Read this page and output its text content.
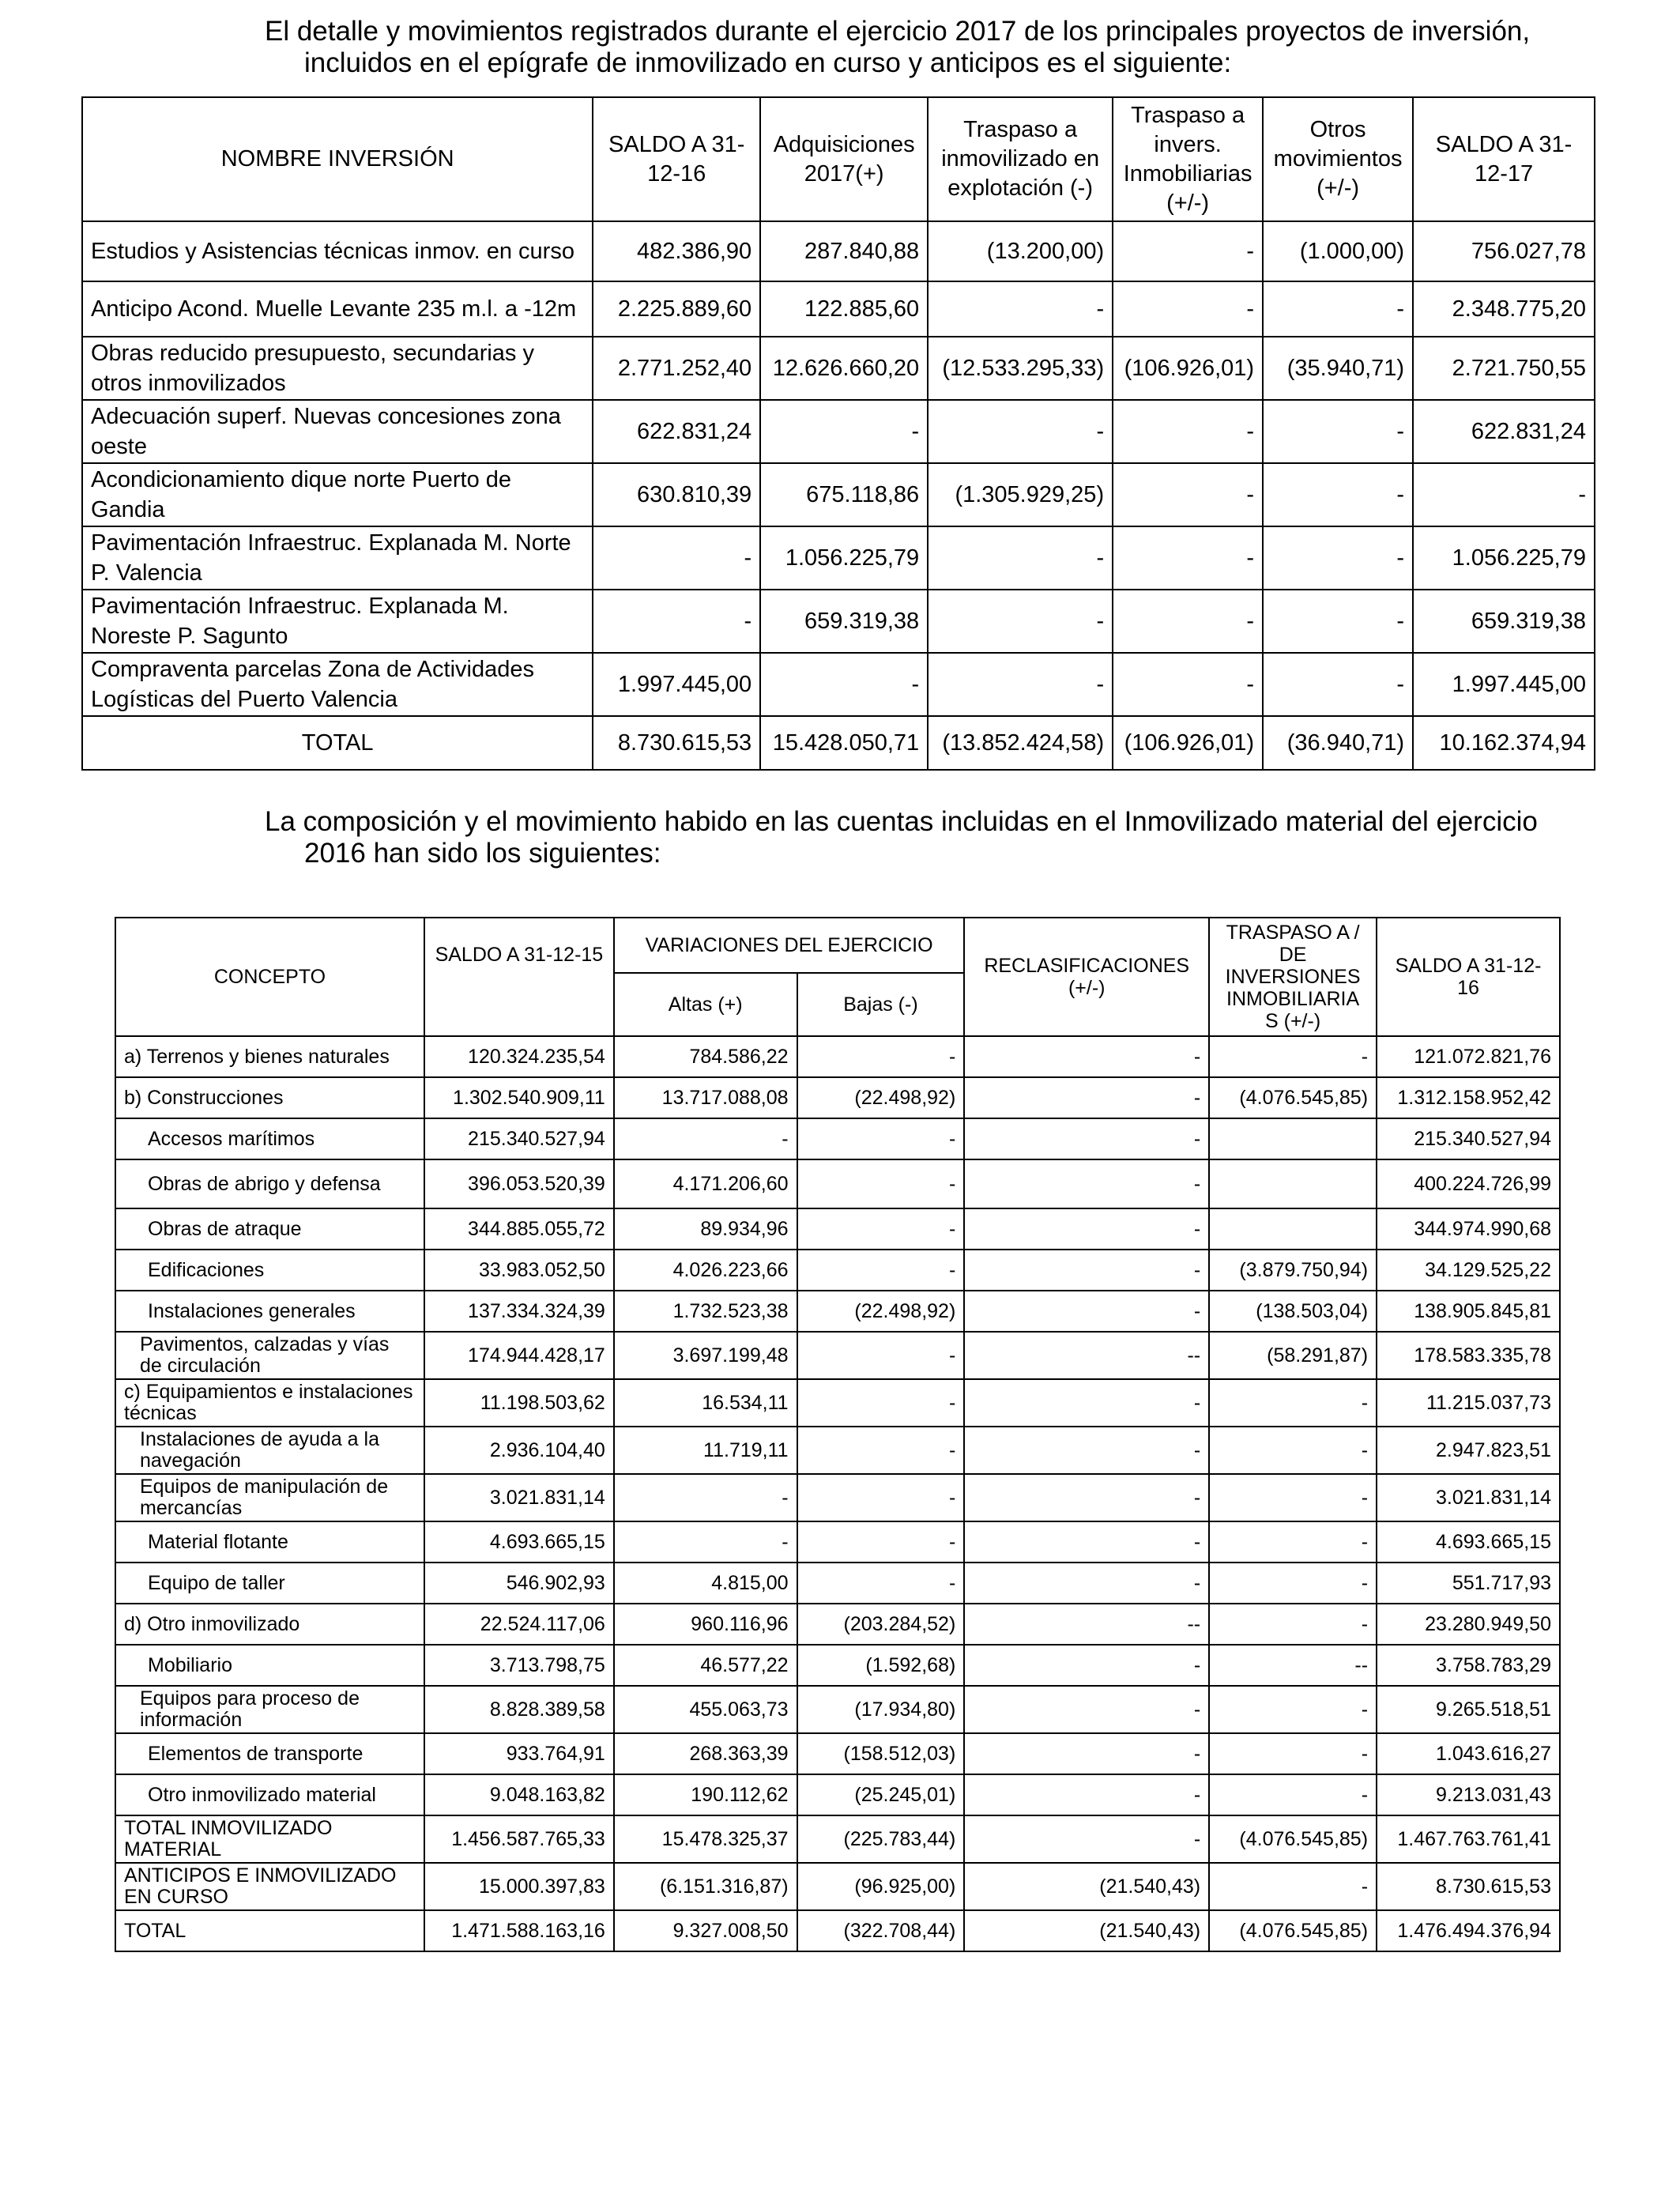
El detalle y movimientos registrados durante el ejercicio 2017 de los principales proyectos de inversión,
incluidos en el epígrafe de inmovilizado en curso y anticipos es el siguiente:

NOMBRE INVERSIÓN	SALDO A 31-12-16	Adquisiciones 2017(+)	Traspaso a inmovilizado en explotación (-)	Traspaso a invers. Inmobiliarias (+/-)	Otros movimientos (+/-)	SALDO A 31-12-17
Estudios y Asistencias técnicas inmov. en curso	482.386,90	287.840,88	(13.200,00)	-	(1.000,00)	756.027,78
Anticipo Acond. Muelle Levante 235 m.l. a -12m	2.225.889,60	122.885,60	-	-	-	2.348.775,20
Obras reducido presupuesto, secundarias y otros inmovilizados	2.771.252,40	12.626.660,20	(12.533.295,33)	(106.926,01)	(35.940,71)	2.721.750,55
Adecuación superf. Nuevas concesiones zona oeste	622.831,24	-	-	-	-	622.831,24
Acondicionamiento dique norte Puerto de Gandia	630.810,39	675.118,86	(1.305.929,25)	-	-	-
Pavimentación Infraestruc. Explanada M. Norte P. Valencia	-	1.056.225,79	-	-	-	1.056.225,79
Pavimentación Infraestruc. Explanada M. Noreste P. Sagunto	-	659.319,38	-	-	-	659.319,38
Compraventa parcelas Zona de Actividades Logísticas del Puerto Valencia	1.997.445,00	-	-	-	-	1.997.445,00
TOTAL	8.730.615,53	15.428.050,71	(13.852.424,58)	(106.926,01)	(36.940,71)	10.162.374,94

La composición y el movimiento habido en las cuentas incluidas en el Inmovilizado material del ejercicio
2016 han sido los siguientes:

CONCEPTO	SALDO A 31-12-15	VARIACIONES DEL EJERCICIO		RECLASIFICACIONES (+/-)	TRASPASO A / DE INVERSIONES INMOBILIARIA S (+/-)	SALDO A 31-12-16
		Altas (+)	Bajas (-)			
a) Terrenos y bienes naturales	120.324.235,54	784.586,22	-	-	-	121.072.821,76
b) Construcciones	1.302.540.909,11	13.717.088,08	(22.498,92)	-	(4.076.545,85)	1.312.158.952,42
Accesos marítimos	215.340.527,94	-	-	-		215.340.527,94
Obras de abrigo y defensa	396.053.520,39	4.171.206,60	-	-		400.224.726,99
Obras de atraque	344.885.055,72	89.934,96	-	-		344.974.990,68
Edificaciones	33.983.052,50	4.026.223,66	-	-	(3.879.750,94)	34.129.525,22
Instalaciones generales	137.334.324,39	1.732.523,38	(22.498,92)	-	(138.503,04)	138.905.845,81
Pavimentos, calzadas y vías de circulación	174.944.428,17	3.697.199,48	-	--	(58.291,87)	178.583.335,78
c) Equipamientos e instalaciones técnicas	11.198.503,62	16.534,11	-	-	-	11.215.037,73
Instalaciones de ayuda a la navegación	2.936.104,40	11.719,11	-	-	-	2.947.823,51
Equipos de manipulación de mercancías	3.021.831,14	-	-	-	-	3.021.831,14
Material flotante	4.693.665,15	-	-	-	-	4.693.665,15
Equipo de taller	546.902,93	4.815,00	-	-	-	551.717,93
d) Otro inmovilizado	22.524.117,06	960.116,96	(203.284,52)	--	-	23.280.949,50
Mobiliario	3.713.798,75	46.577,22	(1.592,68)	-	--	3.758.783,29
Equipos para proceso de información	8.828.389,58	455.063,73	(17.934,80)	-	-	9.265.518,51
Elementos de transporte	933.764,91	268.363,39	(158.512,03)	-	-	1.043.616,27
Otro inmovilizado material	9.048.163,82	190.112,62	(25.245,01)	-	-	9.213.031,43
TOTAL INMOVILIZADO MATERIAL	1.456.587.765,33	15.478.325,37	(225.783,44)	-	(4.076.545,85)	1.467.763.761,41
ANTICIPOS E INMOVILIZADO EN CURSO	15.000.397,83	(6.151.316,87)	(96.925,00)	(21.540,43)	-	8.730.615,53
TOTAL	1.471.588.163,16	9.327.008,50	(322.708,44)	(21.540,43)	(4.076.545,85)	1.476.494.376,94
